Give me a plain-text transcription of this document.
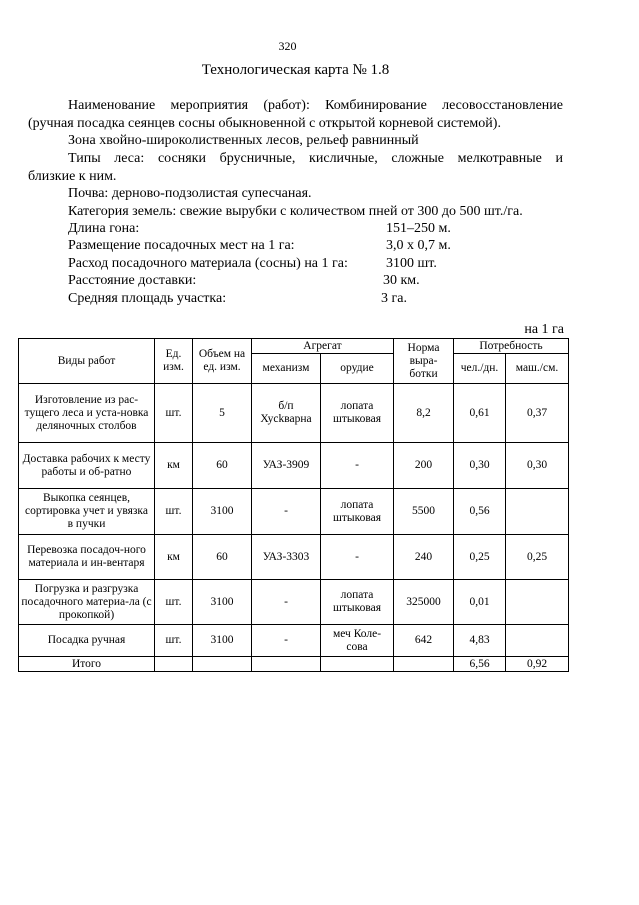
320
Технологическая карта № 1.8
Наименование мероприятия (работ): Комбинирование лесовосстановление
(ручная посадка сеянцев сосны обыкновенной с открытой корневой системой).
Зона хвойно-широколиственных лесов, рельеф равнинный
Типы леса: сосняки брусничные, кисличные, сложные мелкотравные и
близкие к ним.
Почва: дерново-подзолистая супесчаная.
Категория земель: свежие вырубки с количеством пней от 300 до 500 шт./га.
Длина гона:	151–250 м.
Размещение посадочных мест на 1 га:	3,0 х 0,7 м.
Расход посадочного материала (сосны) на 1 га:	3100 шт.
Расстояние доставки:	30 км.
Средняя площадь участка:	3 га.
на 1 га
Виды работ	Ед. изм.	Объем на ед. изм.	Агрегат		Норма выра-ботки	Потребность	
			механизм	орудие		чел./дн.	маш./см.
Изготовление из рас-тущего леса и уста-новка деляночных столбов	шт.	5	б/п Хусkварна	лопата штыковая	8,2	0,61	0,37
Доставка рабочих к месту работы и об-ратно	км	60	УАЗ-3909	-	200	0,30	0,30
Выкопка сеянцев, сортировка учет и увязка в пучки	шт.	3100	-	лопата штыковая	5500	0,56	
Перевозка посадоч-ного материала и ин-вентаря	км	60	УАЗ-3303	-	240	0,25	0,25
Погрузка и разгрузка посадочного материа-ла (с прокопкой)	шт.	3100	-	лопата штыковая	325000	0,01	
Посадка ручная	шт.	3100	-	меч Коле-сова	642	4,83	
Итого						6,56	0,92
